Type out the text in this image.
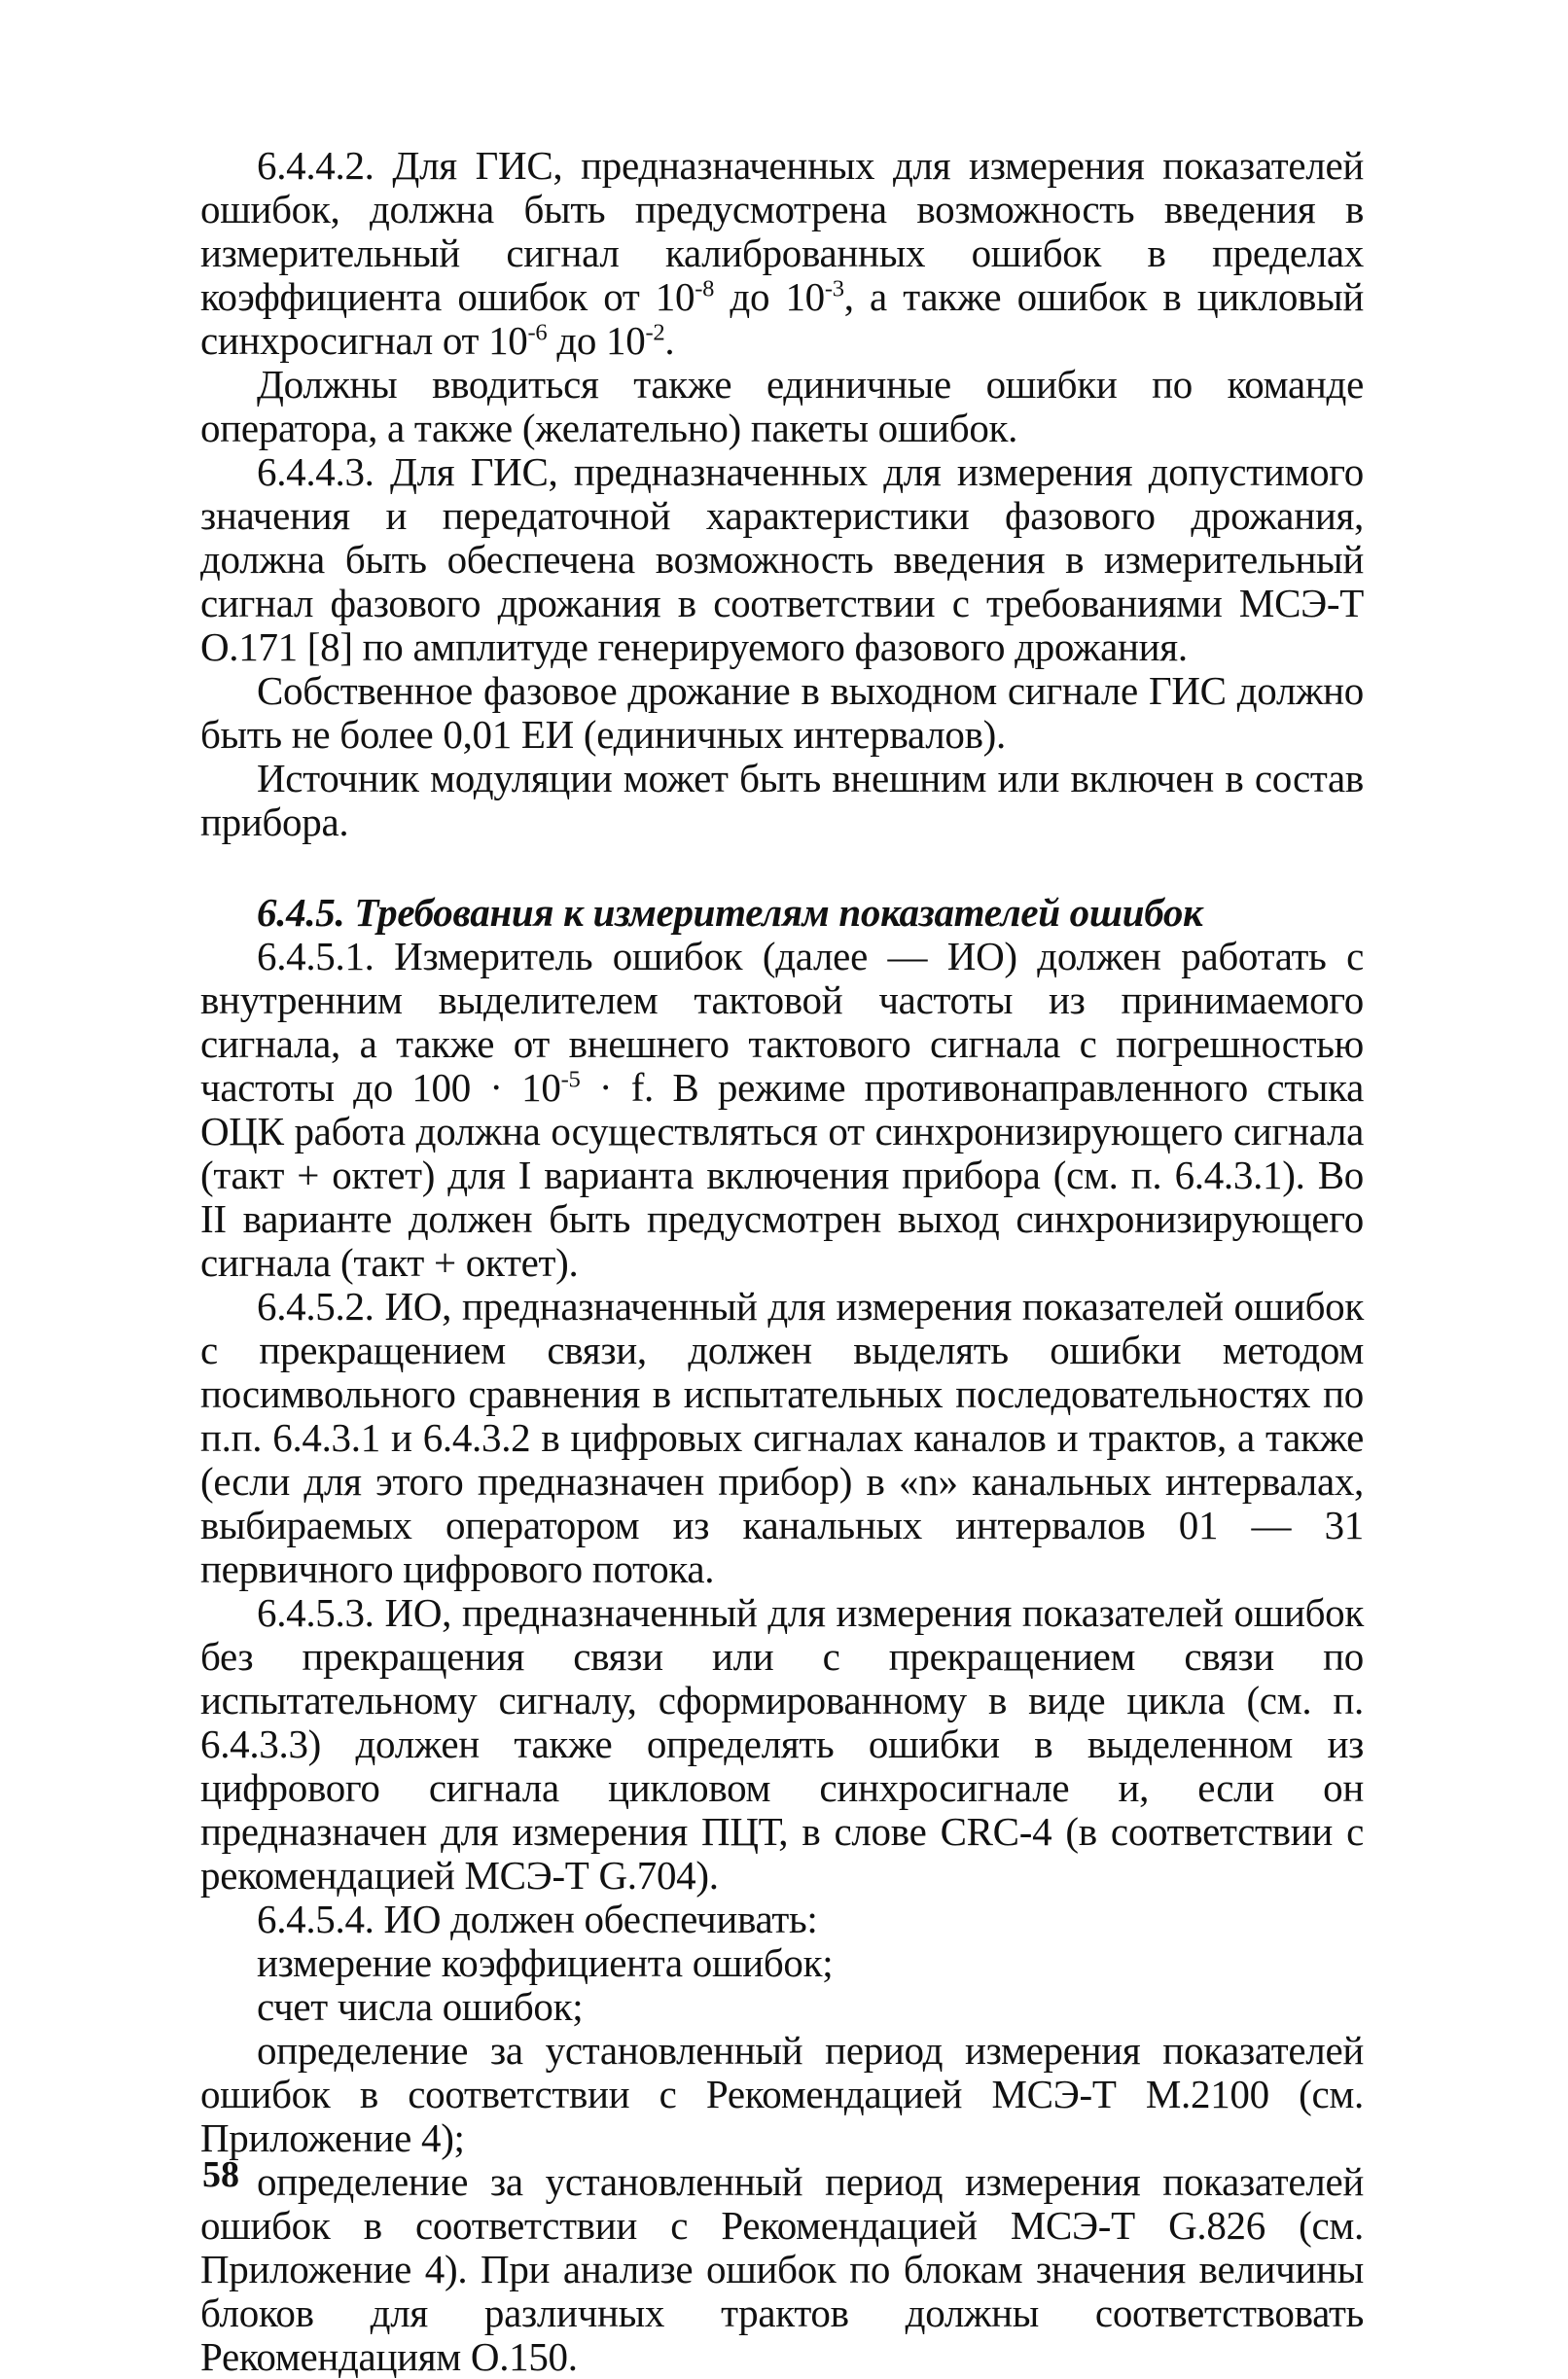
6.4.4.2. Для ГИС, предназначенных для измерения показателей ошибок, должна быть предусмотрена возможность введения в измерительный сигнал калиброванных ошибок в пределах коэффициента ошибок от $10^{-8}$ до $10^{-3}$, а также ошибок в цикловый синхросигнал от $10^{-6}$ до $10^{-2}$.

Должны вводиться также единичные ошибки по команде оператора, а также (желательно) пакеты ошибок.

6.4.4.3. Для ГИС, предназначенных для измерения допустимого значения и передаточной характеристики фазового дрожания, должна быть обеспечена возможность введения в измерительный сигнал фазового дрожания в соответствии с требованиями МСЭ-Т О.171 [8] по амплитуде генерируемого фазового дрожания.

Собственное фазовое дрожание в выходном сигнале ГИС должно быть не более 0,01 ЕИ (единичных интервалов).

Источник модуляции может быть внешним или включен в состав прибора.

6.4.5. Требования к измерителям показателей ошибок

6.4.5.1. Измеритель ошибок (далее — ИО) должен работать с внутренним выделителем тактовой частоты из принимаемого сигнала, а также от внешнего тактового сигнала с погрешностью частоты до $100 \cdot 10^{-5} \cdot f$. В режиме противонаправленного стыка ОЦК работа должна осуществляться от синхронизирующего сигнала (такт + октет) для I варианта включения прибора (см. п. 6.4.3.1). Во II варианте должен быть предусмотрен выход синхронизирующего сигнала (такт + октет).

6.4.5.2. ИО, предназначенный для измерения показателей ошибок с прекращением связи, должен выделять ошибки методом посимвольного сравнения в испытательных последовательностях по п.п. 6.4.3.1 и 6.4.3.2 в цифровых сигналах каналов и трактов, а также (если для этого предназначен прибор) в «n» канальных интервалах, выбираемых оператором из канальных интервалов 01 — 31 первичного цифрового потока.

6.4.5.3. ИО, предназначенный для измерения показателей ошибок без прекращения связи или с прекращением связи по испытательному сигналу, сформированному в виде цикла (см. п. 6.4.3.3) должен также определять ошибки в выделенном из цифрового сигнала цикловом синхросигнале и, если он предназначен для измерения ПЦТ, в слове CRC-4 (в соответствии с рекомендацией МСЭ-Т G.704).

6.4.5.4. ИО должен обеспечивать:

измерение коэффициента ошибок;

счет числа ошибок;

определение за установленный период измерения показателей ошибок в соответствии с Рекомендацией МСЭ-Т М.2100 (см. Приложение 4);

определение за установленный период измерения показателей ошибок в соответствии с Рекомендацией МСЭ-Т G.826 (см. Приложение 4). При анализе ошибок по блокам значения величины блоков для различных трактов должны соответствовать Рекомендациям О.150.

58
